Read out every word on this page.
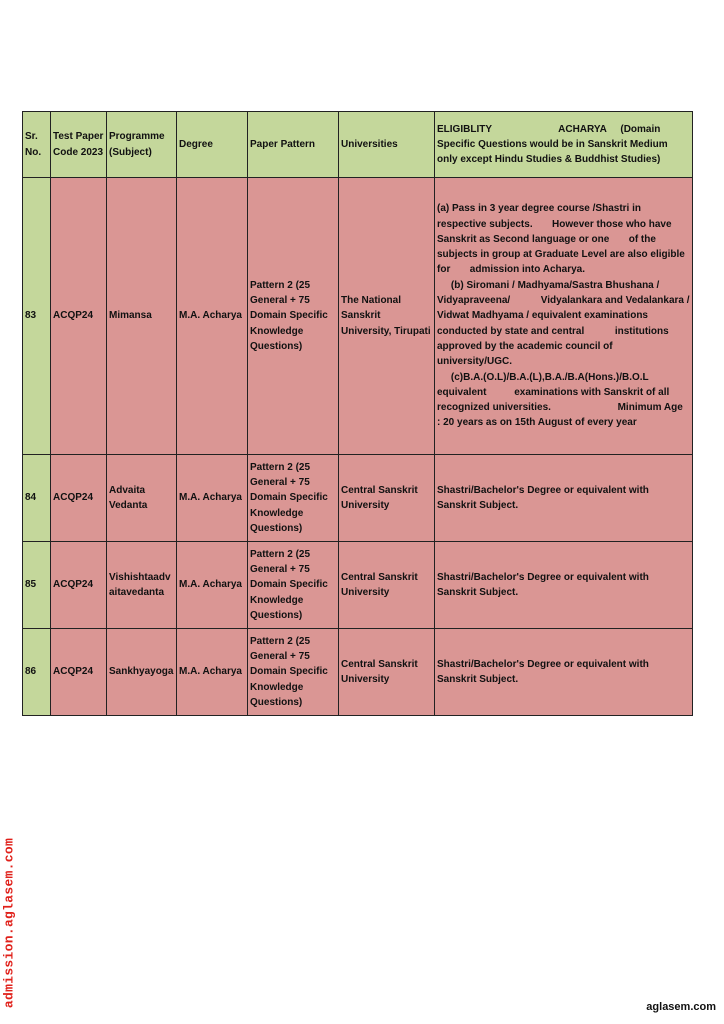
Sr. No.	Test Paper Code 2023	Programme (Subject)	Degree	Paper Pattern	Universities	ELIGIBLITY                        ACHARYA     (Domain Specific Questions would be in Sanskrit Medium only except Hindu Studies & Buddhist Studies)

83	ACQP24	Mimansa	M.A. Acharya	Pattern 2 (25 General + 75 Domain Specific Knowledge Questions)	The National Sanskrit University, Tirupati	(a) Pass in 3 year degree course /Shastri in respective subjects.       However those who have Sanskrit as Second language or one       of the subjects in group at Graduate Level are also eligible for       admission into Acharya.
(b) Siromani / Madhyama/Sastra Bhushana / Vidyapraveena/           Vidyalankara and Vedalankara / Vidwat Madhyama / equivalent examinations  conducted by state and central           institutions approved by the academic council of           university/UGC.
(c)B.A.(O.L)/B.A.(L),B.A./B.A(Hons.)/B.O.L equivalent          examinations with Sanskrit of all recognized universities.                        Minimum Age   : 20 years as on 15th August of every year

84	ACQP24	Advaita Vedanta	M.A. Acharya	Pattern 2 (25 General + 75 Domain Specific Knowledge Questions)	Central Sanskrit University	Shastri/Bachelor's Degree or equivalent with Sanskrit Subject.

85	ACQP24	Vishishtaadv aitavedanta	M.A. Acharya	Pattern 2 (25 General + 75 Domain Specific Knowledge Questions)	Central Sanskrit University	Shastri/Bachelor's Degree or equivalent with Sanskrit Subject.

86	ACQP24	Sankhyayoga	M.A. Acharya	Pattern 2 (25 General + 75 Domain Specific Knowledge Questions)	Central Sanskrit University	Shastri/Bachelor's Degree or equivalent with Sanskrit Subject.
admission.aglasem.com	aglasem.com
